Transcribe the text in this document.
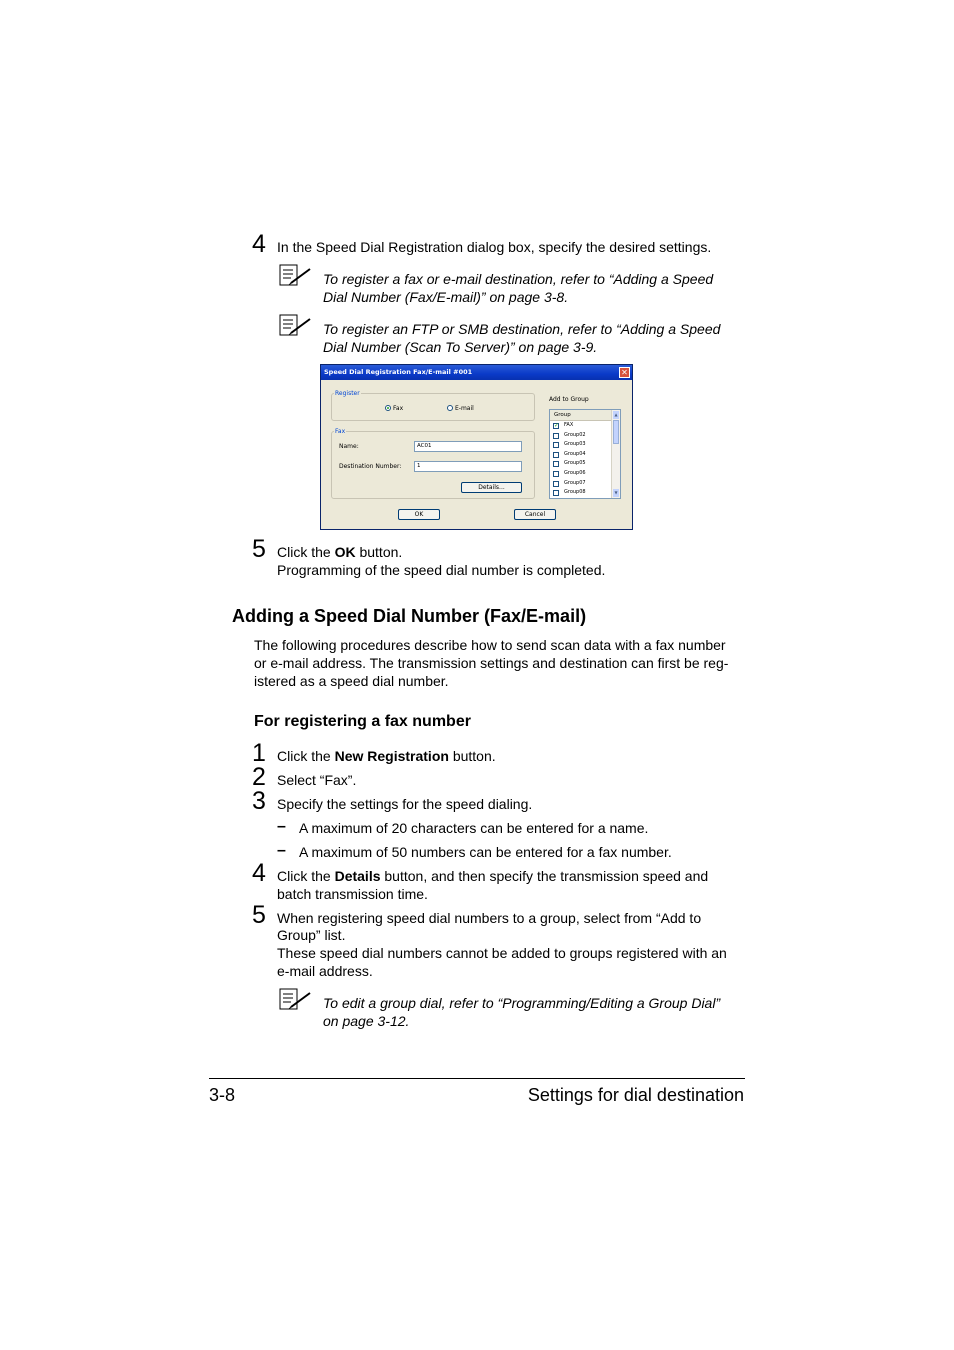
4 In the Speed Dial Registration dialog box, specify the desired settings.
To register a fax or e-mail destination, refer to “Adding a Speed
Dial Number (Fax/E-mail)” on page 3-8.
To register an FTP or SMB destination, refer to “Adding a Speed
Dial Number (Scan To Server)” on page 3-9.
Speed Dial Registration Fax/E-mail #001	✕
Register
Fax	E-mail
Fax
Name:	AC01
Destination Number:	1
Details...
Add to Group
Group
✓
FAX
Group02
Group03
Group04
Group05
Group06
Group07
Group08
▲
▼
OK	Cancel
5 Click the OK button.
Programming of the speed dial number is completed.
Adding a Speed Dial Number (Fax/E-mail)
The following procedures describe how to send scan data with a fax number
or e-mail address. The transmission settings and destination can first be reg-
istered as a speed dial number.
For registering a fax number
1 Click the New Registration button.
2 Select “Fax”.
3 Specify the settings for the speed dialing.
– A maximum of 20 characters can be entered for a name.
– A maximum of 50 numbers can be entered for a fax number.
4 Click the Details button, and then specify the transmission speed and
batch transmission time.
5 When registering speed dial numbers to a group, select from “Add to
Group” list.
These speed dial numbers cannot be added to groups registered with an
e-mail address.
To edit a group dial, refer to “Programming/Editing a Group Dial”
on page 3-12.
3-8	Settings for dial destination
